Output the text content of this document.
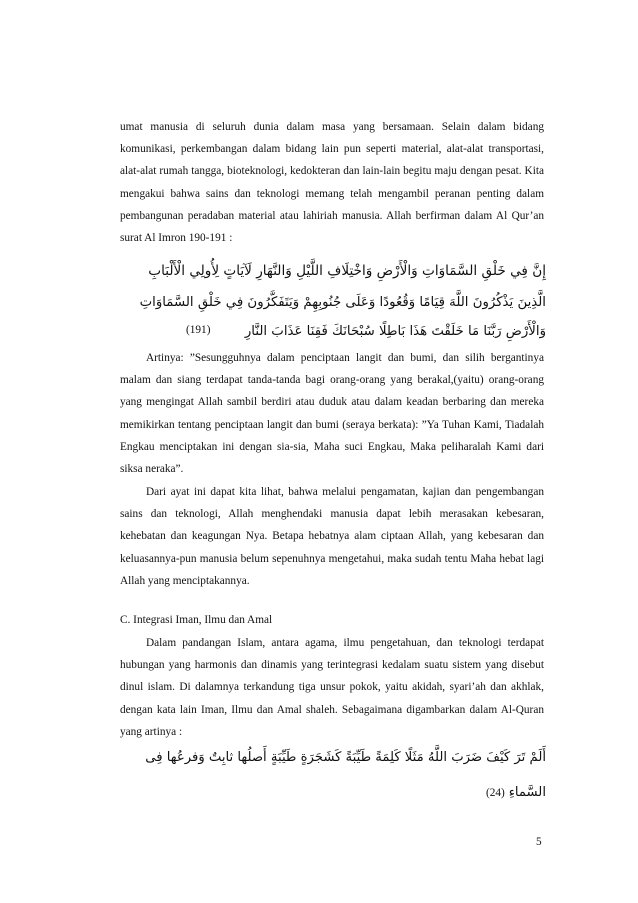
umat manusia di seluruh dunia dalam masa yang bersamaan. Selain dalam bidang komunikasi, perkembangan dalam bidang lain pun seperti material, alat-alat transportasi, alat-alat rumah tangga, bioteknologi, kedokteran dan lain-lain begitu maju dengan pesat. Kita mengakui bahwa sains dan teknologi memang telah mengambil peranan penting dalam pembangunan peradaban material atau lahiriah manusia. Allah berfirman dalam Al Qur’an surat Al Imron 190-191 :

إِنَّ فِي خَلْقِ السَّمَاوَاتِ وَالْأَرْضِ وَاخْتِلَافِ اللَّيْلِ وَالنَّهَارِ لَآيَاتٍ لِأُولِي الْأَلْبَابِ
الَّذِينَ يَذْكُرُونَ اللَّهَ قِيَامًا وَقُعُودًا وَعَلَى جُنُوبِهِمْ وَيَتَفَكَّرُونَ فِي خَلْقِ السَّمَاوَاتِ
وَالْأَرْضِ رَبَّنَا مَا خَلَقْتَ هَذَا بَاطِلًا سُبْحَانَكَ فَقِنَا عَذَابَ النَّارِ
(191)

Artinya: ”Sesungguhnya dalam penciptaan langit dan bumi, dan silih bergantinya malam dan siang terdapat tanda-tanda bagi orang-orang yang berakal,(yaitu) orang-orang yang mengingat Allah sambil berdiri atau duduk atau dalam keadan berbaring dan mereka memikirkan tentang penciptaan langit dan bumi (seraya berkata): ”Ya Tuhan Kami, Tiadalah Engkau menciptakan ini dengan sia-sia, Maha suci Engkau, Maka peliharalah Kami dari siksa neraka”.

Dari ayat ini dapat kita lihat, bahwa melalui pengamatan, kajian dan pengembangan sains dan teknologi, Allah menghendaki manusia dapat lebih merasakan kebesaran, kehebatan dan keagungan Nya. Betapa hebatnya alam ciptaan Allah, yang kebesaran dan keluasannya-pun manusia belum sepenuhnya mengetahui, maka sudah tentu Maha hebat lagi Allah yang menciptakannya.

C. Integrasi Iman, Ilmu dan Amal

Dalam pandangan Islam, antara agama, ilmu pengetahuan, dan teknologi terdapat hubungan yang harmonis dan dinamis yang terintegrasi kedalam suatu sistem yang disebut dinul islam. Di dalamnya terkandung tiga unsur pokok, yaitu akidah, syari’ah dan akhlak, dengan kata lain Iman, Ilmu dan Amal shaleh. Sebagaimana digambarkan dalam Al-Quran yang artinya :

أَلَمْ تَرَ كَيْفَ ضَرَبَ اللَّهُ مَثَلًا كَلِمَةً طَيِّبَةً كَشَجَرَةٍ طَيِّبَةٍ أَصلُها ثابِتٌ وَفرعُها فِى
(24) السَّماءِ
5
